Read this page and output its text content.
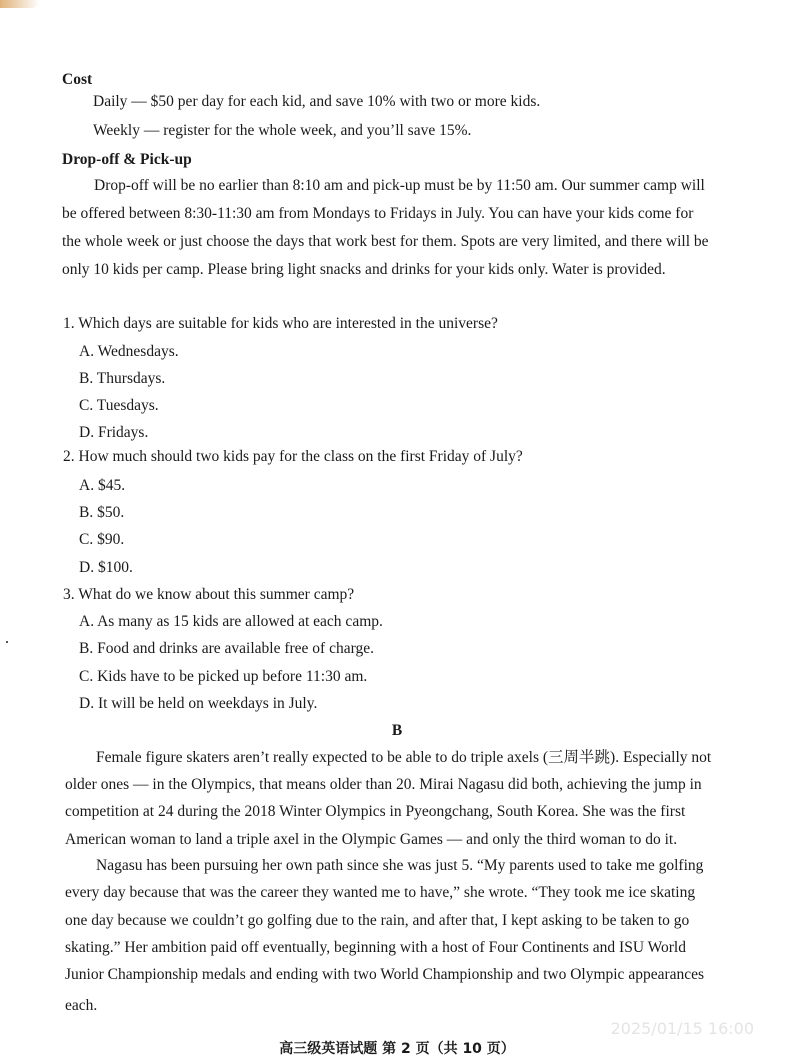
Cost
Daily — $50 per day for each kid, and save 10% with two or more kids.
Weekly — register for the whole week, and you’ll save 15%.
Drop-off & Pick-up
Drop-off will be no earlier than 8:10 am and pick-up must be by 11:50 am. Our summer camp will
be offered between 8:30-11:30 am from Mondays to Fridays in July. You can have your kids come for
the whole week or just choose the days that work best for them. Spots are very limited, and there will be
only 10 kids per camp. Please bring light snacks and drinks for your kids only. Water is provided.
1. Which days are suitable for kids who are interested in the universe?
A. Wednesdays.
B. Thursdays.
C. Tuesdays.
D. Fridays.
2. How much should two kids pay for the class on the first Friday of July?
A. $45.
B. $50.
C. $90.
D. $100.
3. What do we know about this summer camp?
A. As many as 15 kids are allowed at each camp.
B. Food and drinks are available free of charge.
C. Kids have to be picked up before 11:30 am.
D. It will be held on weekdays in July.
B
Female figure skaters aren’t really expected to be able to do triple axels (三周半跳). Especially not
older ones — in the Olympics, that means older than 20. Mirai Nagasu did both, achieving the jump in
competition at 24 during the 2018 Winter Olympics in Pyeongchang, South Korea. She was the first
American woman to land a triple axel in the Olympic Games — and only the third woman to do it.
Nagasu has been pursuing her own path since she was just 5. “My parents used to take me golfing
every day because that was the career they wanted me to have,” she wrote. “They took me ice skating
one day because we couldn’t go golfing due to the rain, and after that, I kept asking to be taken to go
skating.” Her ambition paid off eventually, beginning with a host of Four Continents and ISU World
Junior Championship medals and ending with two World Championship and two Olympic appearances
each.
高三级英语试题 第 2 页（共 10 页）
2025/01/15 16:00
